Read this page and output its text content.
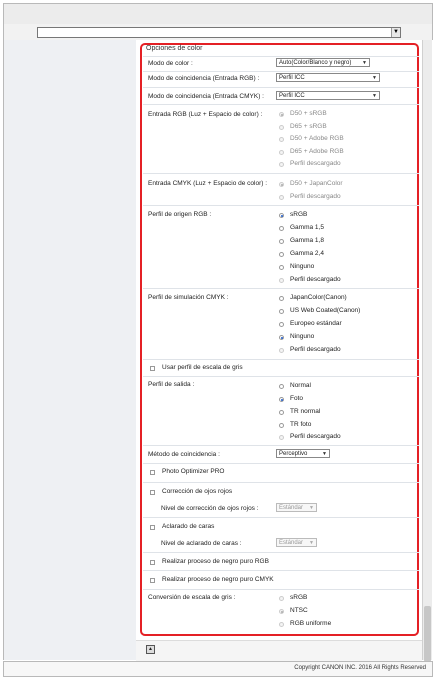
▼
Opciones de color
Modo de color :	Auto(Color/Blanco y negro) ▼
Modo de coincidencia (Entrada RGB) :	Perfil ICC	▼
Modo de coincidencia (Entrada CMYK) :	Perfil ICC	▼
Entrada RGB (Luz + Espacio de color) :	D50 + sRGB
D65 + sRGB
D50 + Adobe RGB
D65 + Adobe RGB
Perfil descargado
Entrada CMYK (Luz + Espacio de color) :	D50 + JapanColor
Perfil descargado
Perfil de origen RGB :	sRGB
Gamma 1,5
Gamma 1,8
Gamma 2,4
Ninguno
Perfil descargado
Perfil de simulación CMYK :	JapanColor(Canon)
US Web Coated(Canon)
Europeo estándar
Ninguno
Perfil descargado
Usar perfil de escala de gris
Perfil de salida :	Normal
Foto
TR normal
TR foto
Perfil descargado
Método de coincidencia :	Perceptivo	▼
Photo Optimizer PRO
Corrección de ojos rojos
Nivel de corrección de ojos rojos :	Estándar ▼
Aclarado de caras
Nivel de aclarado de caras :	Estándar ▼
Realizar proceso de negro puro RGB
Realizar proceso de negro puro CMYK
Conversión de escala de gris :	sRGB
NTSC
RGB uniforme
▲
Copyright CANON INC. 2016 All Rights Reserved
